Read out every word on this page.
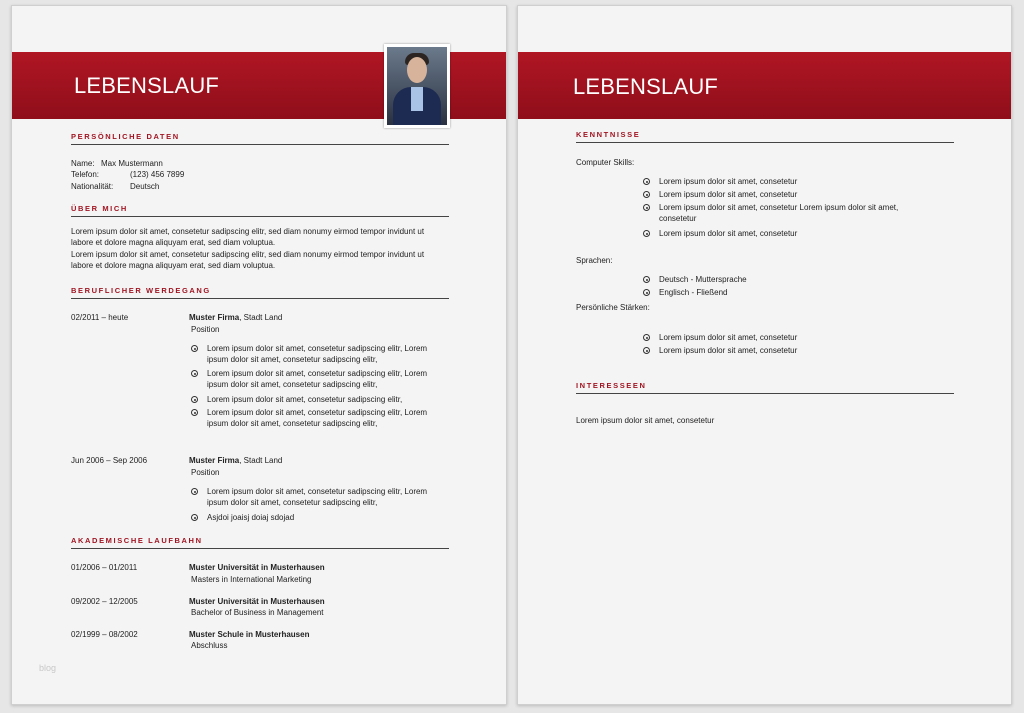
LEBENSLAUF
PERSÖNLICHE DATEN
Name: Max Mustermann
Telefon:	(123) 456 7899
Nationalität: Deutsch
ÜBER MICH
Lorem ipsum dolor sit amet, consetetur sadipscing elitr, sed diam nonumy eirmod tempor invidunt ut
labore et dolore magna aliquyam erat, sed diam voluptua.
Lorem ipsum dolor sit amet, consetetur sadipscing elitr, sed diam nonumy eirmod tempor invidunt ut
labore et dolore magna aliquyam erat, sed diam voluptua.
BERUFLICHER WERDEGANG
02/2011 – heute	Muster Firma, Stadt Land
Position
Lorem ipsum dolor sit amet, consetetur sadipscing elitr, Lorem
ipsum dolor sit amet, consetetur sadipscing elitr,
Lorem ipsum dolor sit amet, consetetur sadipscing elitr, Lorem
ipsum dolor sit amet, consetetur sadipscing elitr,
Lorem ipsum dolor sit amet, consetetur sadipscing elitr,
Lorem ipsum dolor sit amet, consetetur sadipscing elitr, Lorem
ipsum dolor sit amet, consetetur sadipscing elitr,
Jun 2006 – Sep 2006	Muster Firma, Stadt Land
Position
Lorem ipsum dolor sit amet, consetetur sadipscing elitr, Lorem
ipsum dolor sit amet, consetetur sadipscing elitr,
Asjdoi joaisj doiaj sdojad
AKADEMISCHE LAUFBAHN
01/2006 – 01/2011	Muster Universität in Musterhausen
Masters in International Marketing
09/2002 – 12/2005	Muster Universität in Musterhausen
Bachelor of Business in Management
02/1999 – 08/2002	Muster Schule in Musterhausen
Abschluss
blog
LEBENSLAUF
KENNTNISSE
Computer Skills:
Lorem ipsum dolor sit amet, consetetur
Lorem ipsum dolor sit amet, consetetur
Lorem ipsum dolor sit amet, consetetur Lorem ipsum dolor sit amet,
consetetur
Lorem ipsum dolor sit amet, consetetur
Sprachen:
Deutsch - Muttersprache
Englisch - Fließend
Persönliche Stärken:
Lorem ipsum dolor sit amet, consetetur
Lorem ipsum dolor sit amet, consetetur
INTERESSEEN
Lorem ipsum dolor sit amet, consetetur
